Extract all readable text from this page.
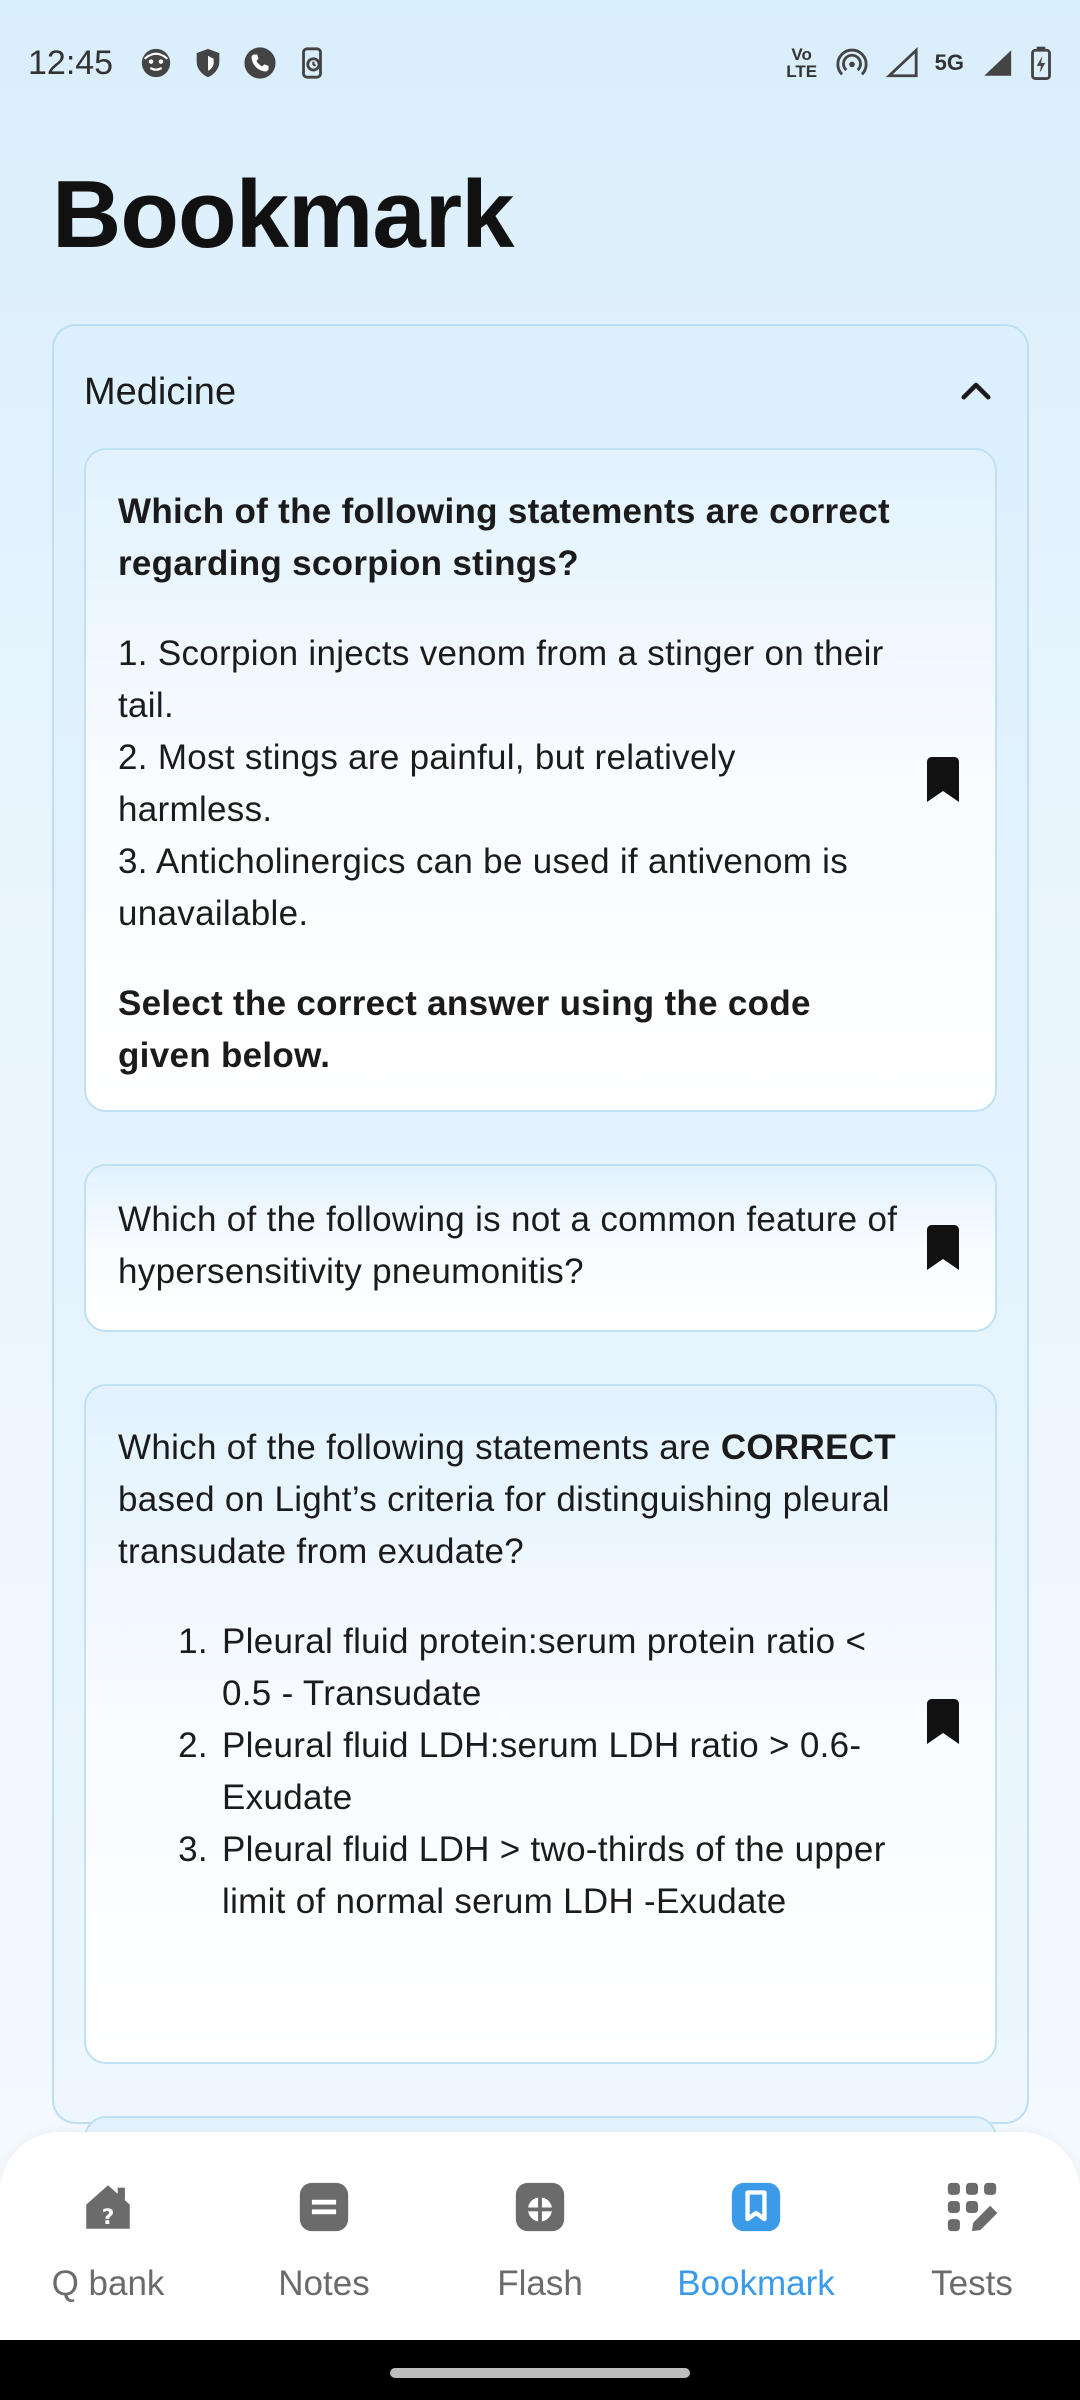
12:45	Vo LTE	5G
Bookmark
Medicine
Which of the following statements are correct regarding scorpion stings?
1. Scorpion injects venom from a stinger on their tail.
2. Most stings are painful, but relatively harmless.
3. Anticholinergics can be used if antivenom is unavailable.
Select the correct answer using the code given below.
Which of the following is not a common feature of hypersensitivity pneumonitis?
Which of the following statements are CORRECT based on Light’s criteria for distinguishing pleural transudate from exudate?
1. Pleural fluid protein:serum protein ratio < 0.5 - Transudate
2. Pleural fluid LDH:serum LDH ratio > 0.6- Exudate
3. Pleural fluid LDH > two-thirds of the upper limit of normal serum LDH -Exudate
?
Q bank	Notes	Flash	Bookmark	Tests
